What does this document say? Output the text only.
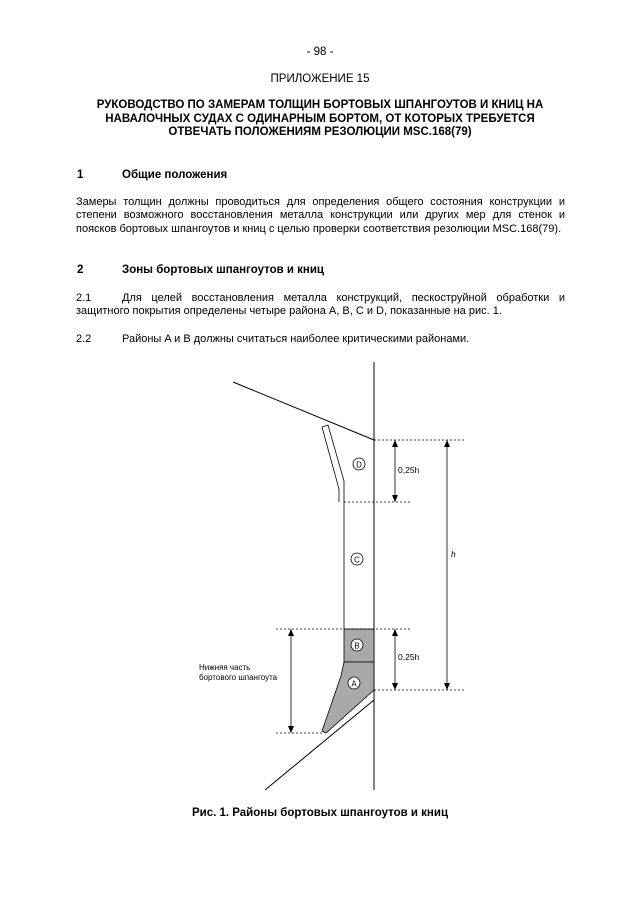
- 98 -
ПРИЛОЖЕНИЕ 15
РУКОВОДСТВО ПО ЗАМЕРАМ ТОЛЩИН БОРТОВЫХ ШПАНГОУТОВ И КНИЦ НА
НАВАЛОЧНЫХ СУДАХ С ОДИНАРНЫМ БОРТОМ, ОТ КОТОРЫХ ТРЕБУЕТСЯ
ОТВЕЧАТЬ ПОЛОЖЕНИЯМ РЕЗОЛЮЦИИ MSC.168(79)
1	Общие положения
Замеры толщин должны проводиться для определения общего состояния конструкции и степени возможного восстановления металла конструкции или других мер для стенок и поясков бортовых шпангоутов и книц с целью проверки соответствия резолюции MSC.168(79).
2	Зоны бортовых шпангоутов и книц
2.1	Для целей восстановления металла конструкций, пескоструйной обработки и защитного покрытия определены четыре района A, B, C и D, показанные на рис. 1.
2.2	Районы A и B должны считаться наиболее критическими районами.
D
C
B
A
0,25h
0,25h
h
Нижняя часть
бортового шпангоута
Рис. 1. Районы бортовых шпангоутов и книц
